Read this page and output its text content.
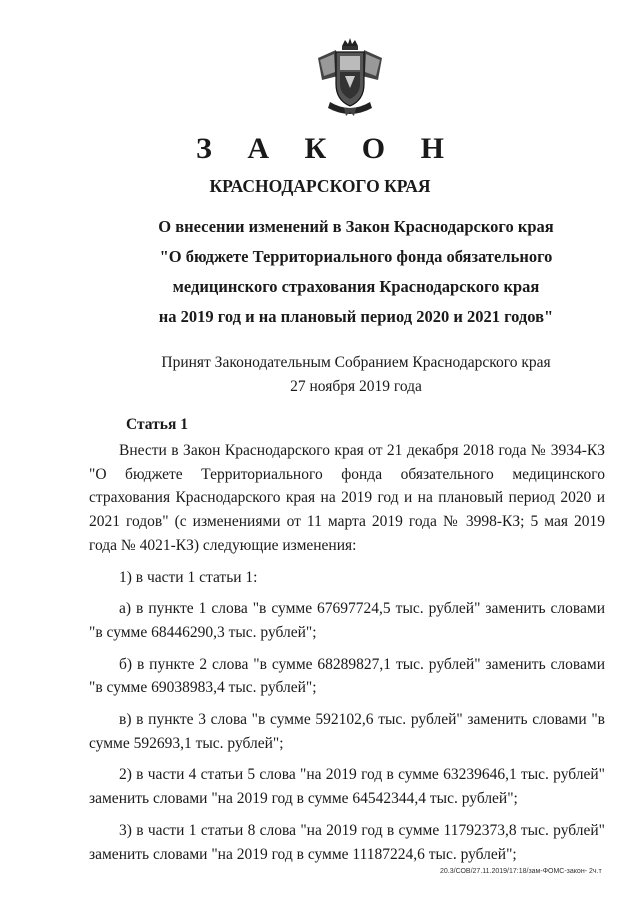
З А К О Н
КРАСНОДАРСКОГО КРАЯ
О внесении изменений в Закон Краснодарского края
"О бюджете Территориального фонда обязательного
медицинского страхования Краснодарского края
на 2019 год и на плановый период 2020 и 2021 годов"
Принят Законодательным Собранием Краснодарского края
27 ноября 2019 года
Статья 1

Внести в Закон Краснодарского края от 21 декабря 2018 года № 3934-КЗ "О бюджете Территориального фонда обязательного медицинского страхования Краснодарского края на 2019 год и на плановый период 2020 и 2021 годов" (с изменениями от 11 марта 2019 года № 3998-КЗ; 5 мая 2019 года № 4021-КЗ) следующие изменения:

1) в части 1 статьи 1:

а) в пункте 1 слова "в сумме 67697724,5 тыс. рублей" заменить словами "в сумме 68446290,3 тыс. рублей";

б) в пункте 2 слова "в сумме 68289827,1 тыс. рублей" заменить словами "в сумме 69038983,4 тыс. рублей";

в) в пункте 3 слова "в сумме 592102,6 тыс. рублей" заменить словами "в сумме 592693,1 тыс. рублей";

2) в части 4 статьи 5 слова "на 2019 год в сумме 63239646,1 тыс. рублей" заменить словами "на 2019 год в сумме 64542344,4 тыс. рублей";

3) в части 1 статьи 8 слова "на 2019 год в сумме 11792373,8 тыс. рублей" заменить словами "на 2019 год в сумме 11187224,6 тыс. рублей";

20.3/СОВ/27.11.2019/17:18/зам-ФОМС-закон- 2ч.т
